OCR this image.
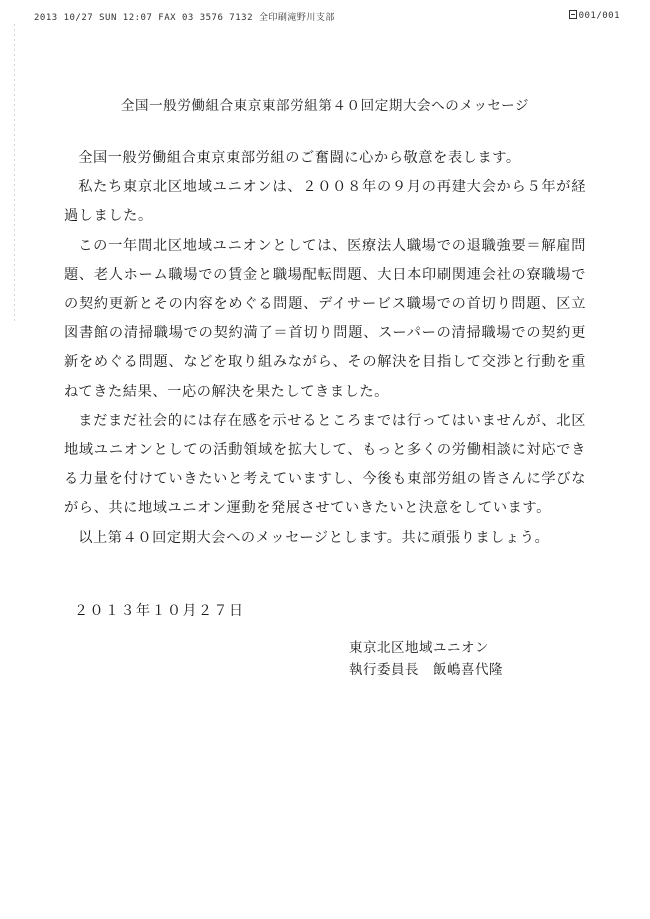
2013 10/27 SUN 12:07 FAX 03 3576 7132 全印刷滝野川支部	001/001
全国一般労働組合東京東部労組第４０回定期大会へのメッセージ

全国一般労働組合東京東部労組のご奮闘に心から敬意を表します。

私たち東京北区地域ユニオンは、２００８年の９月の再建大会から５年が経過しました。

この一年間北区地域ユニオンとしては、医療法人職場での退職強要＝解雇問題、老人ホーム職場での賃金と職場配転問題、大日本印刷関連会社の寮職場での契約更新とその内容をめぐる問題、デイサービス職場での首切り問題、区立図書館の清掃職場での契約満了＝首切り問題、スーパーの清掃職場での契約更新をめぐる問題、などを取り組みながら、その解決を目指して交渉と行動を重ねてきた結果、一応の解決を果たしてきました。

まだまだ社会的には存在感を示せるところまでは行ってはいませんが、北区地域ユニオンとしての活動領域を拡大して、もっと多くの労働相談に対応できる力量を付けていきたいと考えていますし、今後も東部労組の皆さんに学びながら、共に地域ユニオン運動を発展させていきたいと決意をしています。

以上第４０回定期大会へのメッセージとします。共に頑張りましょう。

２０１３年１０月２７日
東京北区地域ユニオン
執行委員長　飯嶋喜代隆
